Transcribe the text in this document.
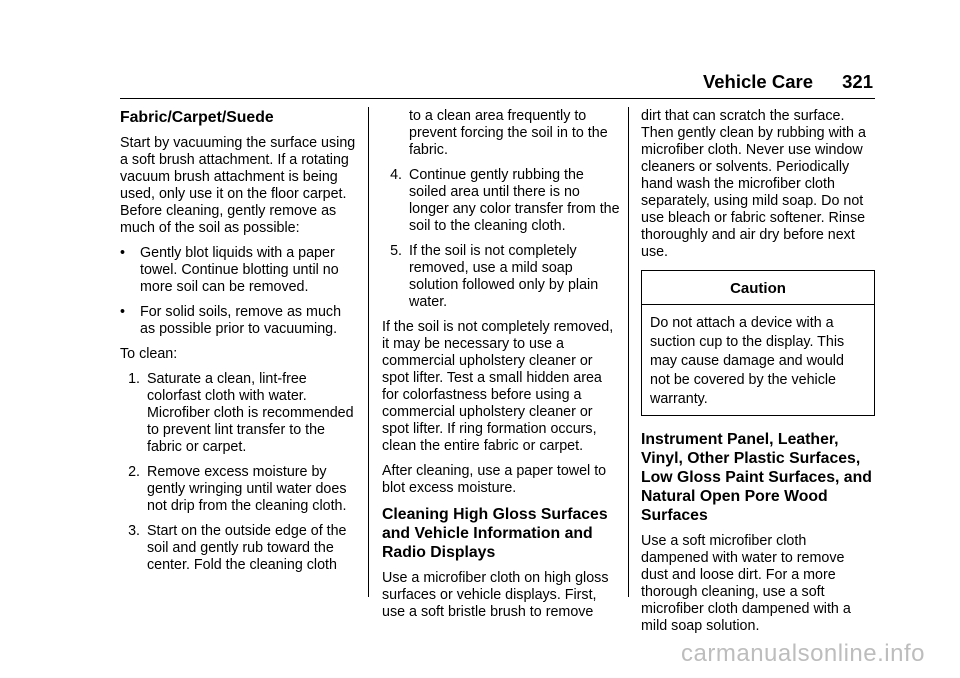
Vehicle Care 321
Fabric/Carpet/Suede

Start by vacuuming the surface using a soft brush attachment. If a rotating vacuum brush attachment is being used, only use it on the floor carpet. Before cleaning, gently remove as much of the soil as possible:

• Gently blot liquids with a paper towel. Continue blotting until no more soil can be removed.
• For solid soils, remove as much as possible prior to vacuuming.

To clean:

1. Saturate a clean, lint-free colorfast cloth with water. Microfiber cloth is recommended to prevent lint transfer to the fabric or carpet.
2. Remove excess moisture by gently wringing until water does not drip from the cleaning cloth.
3. Start on the outside edge of the soil and gently rub toward the center. Fold the cleaning cloth
to a clean area frequently to prevent forcing the soil in to the fabric.
4. Continue gently rubbing the soiled area until there is no longer any color transfer from the soil to the cleaning cloth.
5. If the soil is not completely removed, use a mild soap solution followed only by plain water.

If the soil is not completely removed, it may be necessary to use a commercial upholstery cleaner or spot lifter. Test a small hidden area for colorfastness before using a commercial upholstery cleaner or spot lifter. If ring formation occurs, clean the entire fabric or carpet.

After cleaning, use a paper towel to blot excess moisture.

Cleaning High Gloss Surfaces and Vehicle Information and Radio Displays

Use a microfiber cloth on high gloss surfaces or vehicle displays. First, use a soft bristle brush to remove

dirt that can scratch the surface. Then gently clean by rubbing with a microfiber cloth. Never use window cleaners or solvents. Periodically hand wash the microfiber cloth separately, using mild soap. Do not use bleach or fabric softener. Rinse thoroughly and air dry before next use.

Caution
Do not attach a device with a suction cup to the display. This may cause damage and would not be covered by the vehicle warranty.
Instrument Panel, Leather, Vinyl, Other Plastic Surfaces, Low Gloss Paint Surfaces, and Natural Open Pore Wood Surfaces

Use a soft microfiber cloth dampened with water to remove dust and loose dirt. For a more thorough cleaning, use a soft microfiber cloth dampened with a mild soap solution.

carmanualsonline.info
